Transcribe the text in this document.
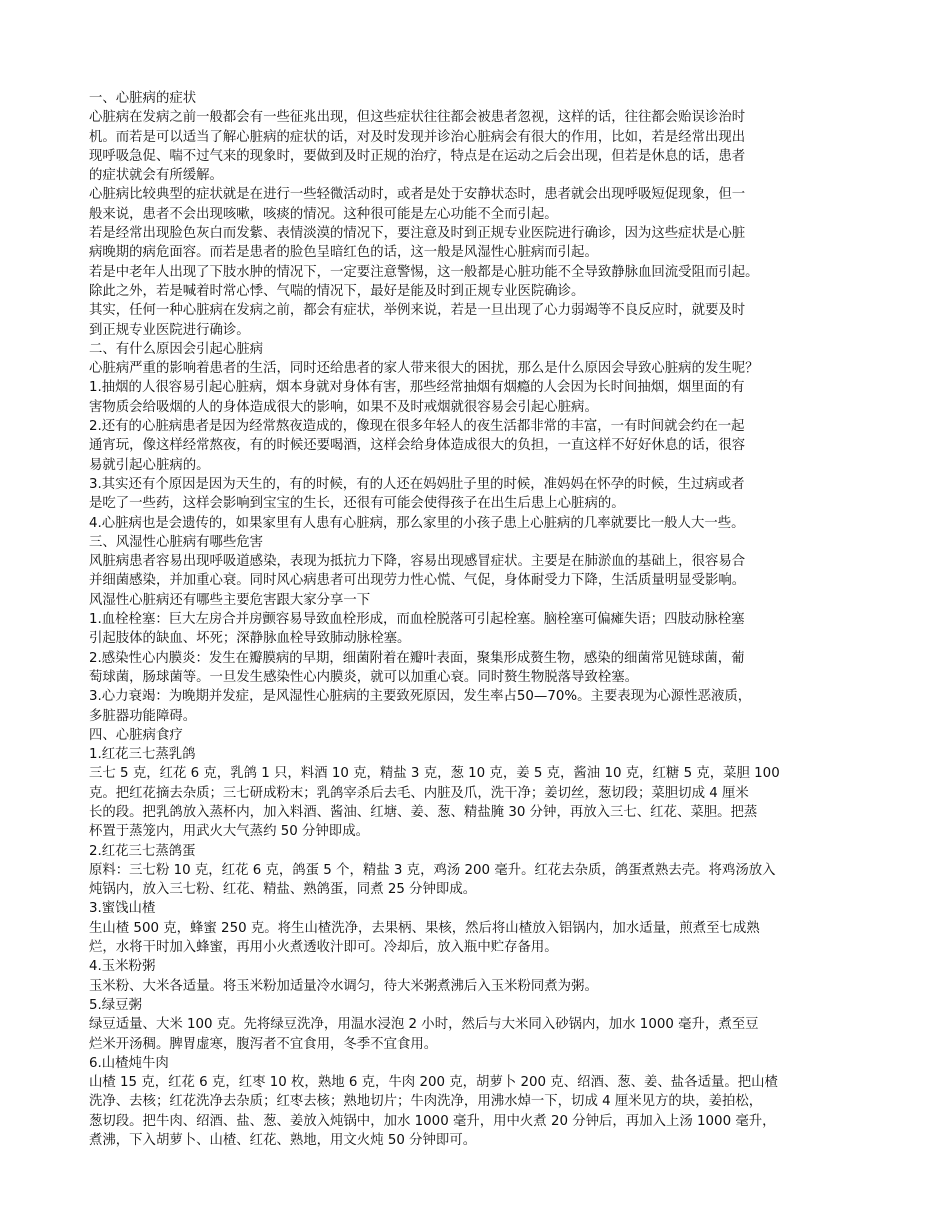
一、心脏病的症状
心脏病在发病之前一般都会有一些征兆出现，但这些症状往往都会被患者忽视，这样的话，往往都会贻误诊治时
机。而若是可以适当了解心脏病的症状的话，对及时发现并诊治心脏病会有很大的作用，比如，若是经常出现出
现呼吸急促、喘不过气来的现象时，要做到及时正规的治疗，特点是在运动之后会出现，但若是休息的话，患者
的症状就会有所缓解。
心脏病比较典型的症状就是在进行一些轻微活动时，或者是处于安静状态时，患者就会出现呼吸短促现象，但一
般来说，患者不会出现咳嗽，咳痰的情况。这种很可能是左心功能不全而引起。
若是经常出现脸色灰白而发紫、表情淡漠的情况下，要注意及时到正规专业医院进行确诊，因为这些症状是心脏
病晚期的病危面容。而若是患者的脸色呈暗红色的话，这一般是风湿性心脏病而引起。
若是中老年人出现了下肢水肿的情况下，一定要注意警惕，这一般都是心脏功能不全导致静脉血回流受阻而引起。
除此之外，若是喊着时常心悸、气喘的情况下，最好是能及时到正规专业医院确诊。
其实，任何一种心脏病在发病之前，都会有症状，举例来说，若是一旦出现了心力弱竭等不良反应时，就要及时
到正规专业医院进行确诊。
二、有什么原因会引起心脏病
心脏病严重的影响着患者的生活，同时还给患者的家人带来很大的困扰，那么是什么原因会导致心脏病的发生呢？
1.抽烟的人很容易引起心脏病，烟本身就对身体有害，那些经常抽烟有烟瘾的人会因为长时间抽烟，烟里面的有
害物质会给吸烟的人的身体造成很大的影响，如果不及时戒烟就很容易会引起心脏病。
2.还有的心脏病患者是因为经常熬夜造成的，像现在很多年轻人的夜生活都非常的丰富，一有时间就会约在一起
通宵玩，像这样经常熬夜，有的时候还要喝酒，这样会给身体造成很大的负担，一直这样不好好休息的话，很容
易就引起心脏病的。
3.其实还有个原因是因为天生的，有的时候，有的人还在妈妈肚子里的时候，准妈妈在怀孕的时候，生过病或者
是吃了一些药，这样会影响到宝宝的生长，还很有可能会使得孩子在出生后患上心脏病的。
4.心脏病也是会遗传的，如果家里有人患有心脏病，那么家里的小孩子患上心脏病的几率就要比一般人大一些。
三、风湿性心脏病有哪些危害
风脏病患者容易出现呼吸道感染，表现为抵抗力下降，容易出现感冒症状。主要是在肺淤血的基础上，很容易合
并细菌感染，并加重心衰。同时风心病患者可出现劳力性心慌、气促，身体耐受力下降，生活质量明显受影响。
风湿性心脏病还有哪些主要危害跟大家分享一下
1.血栓栓塞：巨大左房合并房颤容易导致血栓形成，而血栓脱落可引起栓塞。脑栓塞可偏瘫失语；四肢动脉栓塞
引起肢体的缺血、坏死；深静脉血栓导致肺动脉栓塞。
2.感染性心内膜炎：发生在瓣膜病的早期，细菌附着在瓣叶表面，聚集形成赘生物，感染的细菌常见链球菌，葡
萄球菌，肠球菌等。一旦发生感染性心内膜炎，就可以加重心衰。同时赘生物脱落导致栓塞。
3.心力衰竭：为晚期并发症，是风湿性心脏病的主要致死原因，发生率占50—70%。主要表现为心源性恶液质，
多脏器功能障碍。
四、心脏病食疗
1.红花三七蒸乳鸽
三七 5 克，红花 6 克，乳鸽 1 只，料酒 10 克，精盐 3 克，葱 10 克，姜 5 克，酱油 10 克，红糖 5 克，菜胆 100
克。把红花摘去杂质；三七研成粉末；乳鸽宰杀后去毛、内脏及爪，洗干净；姜切丝，葱切段；菜胆切成 4 厘米
长的段。把乳鸽放入蒸杯内，加入料酒、酱油、红塘、姜、葱、精盐腌 30 分钟，再放入三七、红花、菜胆。把蒸
杯置于蒸笼内，用武火大气蒸约 50 分钟即成。
2.红花三七蒸鸽蛋
原料：三七粉 10 克，红花 6 克，鸽蛋 5 个，精盐 3 克，鸡汤 200 毫升。红花去杂质，鸽蛋煮熟去壳。将鸡汤放入
炖锅内，放入三七粉、红花、精盐、熟鸽蛋，同煮 25 分钟即成。
3.蜜饯山楂
生山楂 500 克，蜂蜜 250 克。将生山楂洗净，去果柄、果核，然后将山楂放入铝锅内，加水适量，煎煮至七成熟
烂，水将干时加入蜂蜜，再用小火煮透收汁即可。冷却后，放入瓶中贮存备用。
4.玉米粉粥
玉米粉、大米各适量。将玉米粉加适量冷水调匀，待大米粥煮沸后入玉米粉同煮为粥。
5.绿豆粥
绿豆适量、大米 100 克。先将绿豆洗净，用温水浸泡 2 小时，然后与大米同入砂锅内，加水 1000 毫升，煮至豆
烂米开汤稠。脾胃虚寒，腹泻者不宜食用，冬季不宜食用。
6.山楂炖牛肉
山楂 15 克，红花 6 克，红枣 10 枚，熟地 6 克，牛肉 200 克，胡萝卜 200 克、绍酒、葱、姜、盐各适量。把山楂
洗净、去核；红花洗净去杂质；红枣去核；熟地切片；牛肉洗净，用沸水焯一下，切成 4 厘米见方的块，姜拍松，
葱切段。把牛肉、绍酒、盐、葱、姜放入炖锅中，加水 1000 毫升，用中火煮 20 分钟后，再加入上汤 1000 毫升，
煮沸，下入胡萝卜、山楂、红花、熟地，用文火炖 50 分钟即可。
